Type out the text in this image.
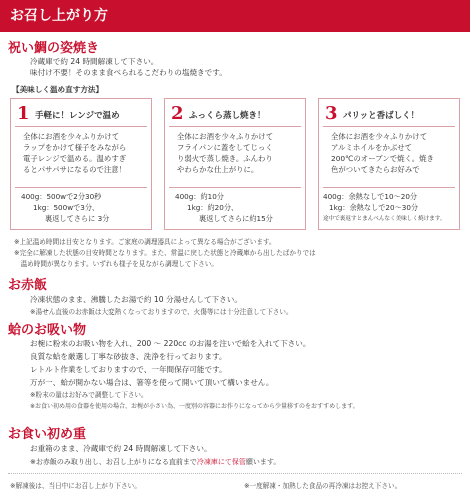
お召し上がり方
祝い鯛の姿焼き
冷蔵庫で約 24 時間解凍して下さい。
味付け不要！そのまま食べられるこだわりの塩焼きです。
【美味しく温め直す方法】
1 手軽に！レンジで温め
全体にお酒を少々ふりかけて
ラップをかけて様子をみながら
電子レンジで温める。温めすぎ
るとパサパサになるので注意！
400g：500wで2分30秒
1kg：500wで3分、
裏返してさらに 3分
2 ふっくら蒸し焼き！
全体にお酒を少々ふりかけて
フライパンに蓋をしてじっく
り弱火で蒸し焼き。ふんわり
やわらかな仕上がりに。
400g：約10分
1kg：約20分、
裏返してさらに約15分
3 パリッと香ばしく！
全体にお酒を少々ふりかけて
アルミホイルをかぶせて
200℃のオーブンで焼く。焼き
色がついてきたらお好みで
400g：余熱なしで10～20分
1kg：余熱なしで20～30分
途中で裏返すとまんべんなく美味しく焼けます。
※上記温め時間は目安となります。ご家庭の調理器具によって異なる場合がございます。
※完全に解凍した状態の目安時間となります。また、常温に戻した状態と冷蔵庫から出したばかりでは
　温め時間が異なります。いずれも様子を見ながら調理して下さい。
お赤飯
冷凍状態のまま、沸騰したお湯で約 10 分湯せんして下さい。
※湯せん直後のお赤飯は大変熱くなっておりますので、火傷等には十分注意して下さい。
蛤のお吸い物
お椀に粉末のお吸い物を入れ、200 ～ 220cc のお湯を注いで蛤を入れて下さい。
良質な蛤を厳選し丁寧な砂抜き、洗浄を行っております。
レトルト作業をしておりますので、一年間保存可能です。
万が一、蛤が開かない場合は、箸等を使って開いて頂いて構いません。
※粉末の量はお好みで調整して下さい。
※お食い初め用の食器を使用の場合、お椀が小さい為、一度別の容器にお作りになってから少量移すのをおすすめします。
お食い初め重
お重箱のまま、冷蔵庫で約 24 時間解凍して下さい。
※お赤飯のみ取り出し、お召し上がりになる直前まで冷凍庫にて保管願います。
※解凍後は、当日中にお召し上がり下さい。	※一度解凍・加熱した食品の再冷凍はお控え下さい。
